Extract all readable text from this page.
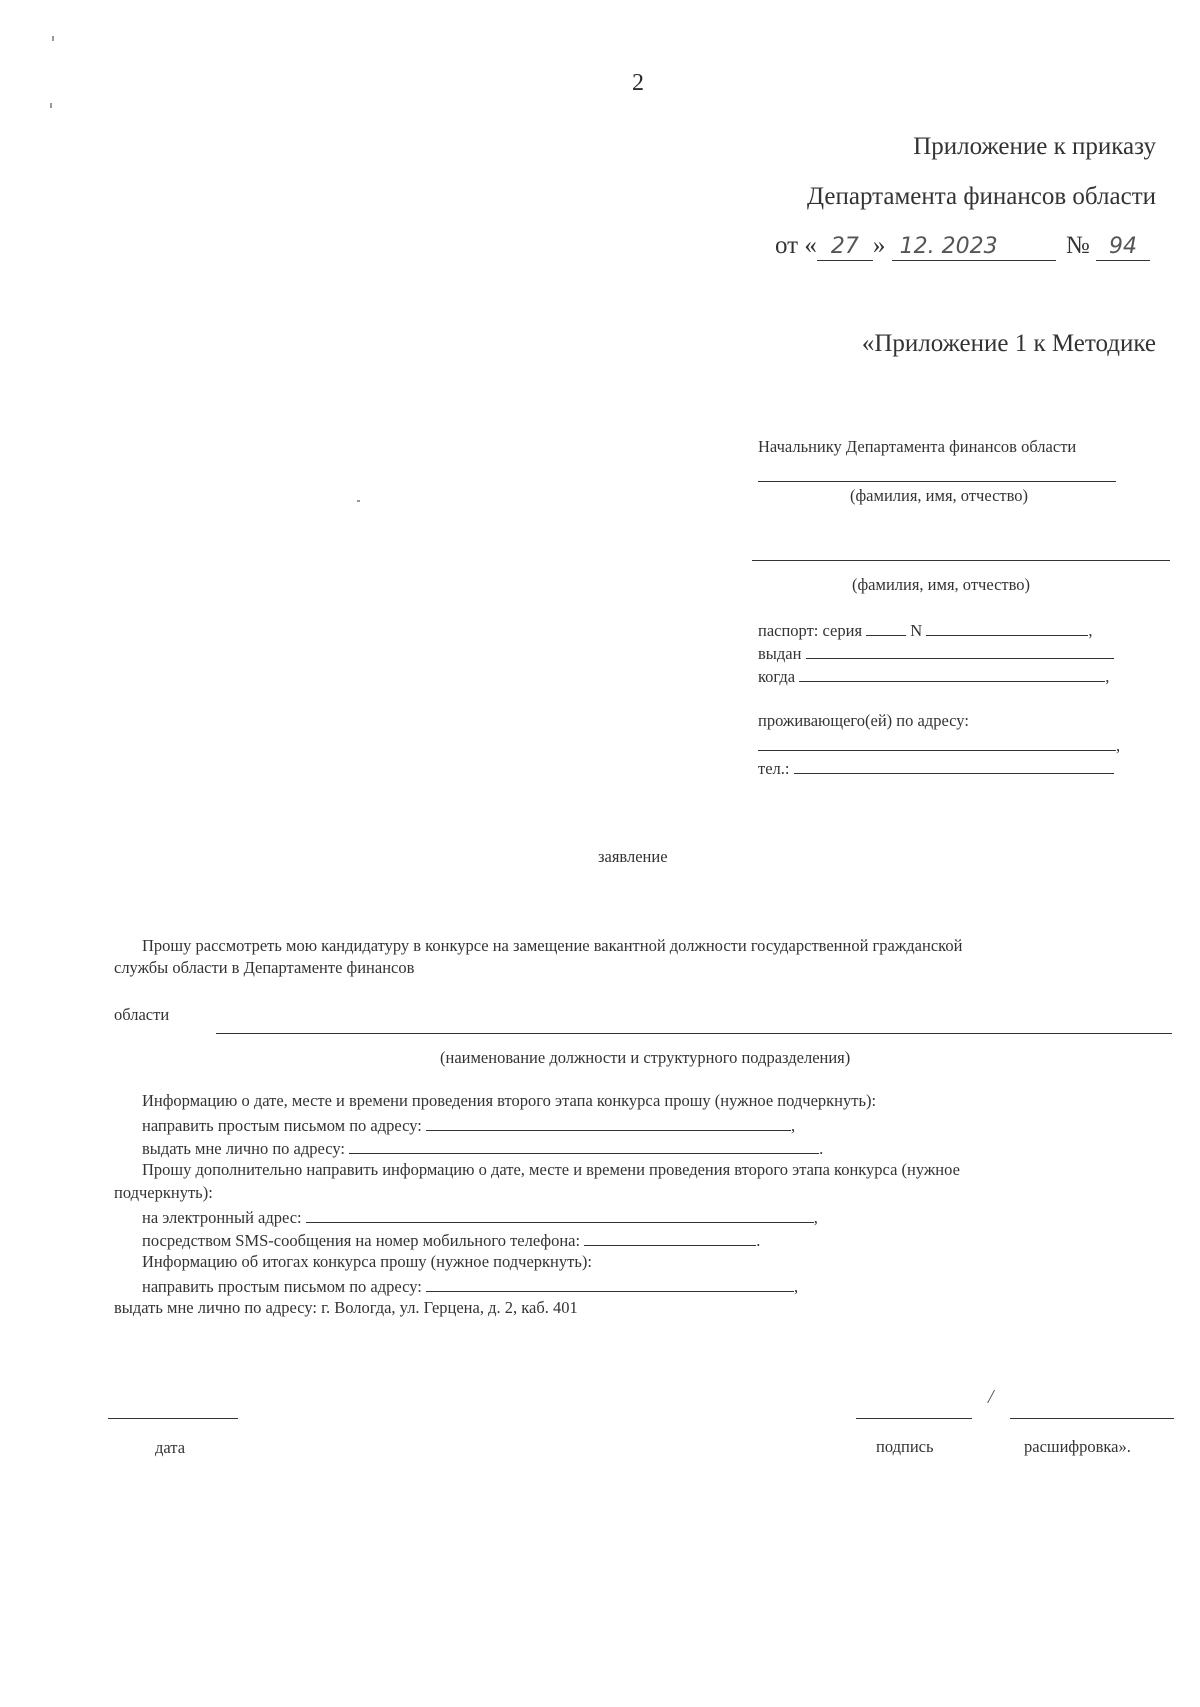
2
Приложение к приказу
Департамента финансов области
от « 27 » 12. 2023	№ 94
«Приложение 1 к Методике
Начальнику Департамента финансов области
(фамилия, имя, отчество)
(фамилия, имя, отчество)
паспорт: серия	N	,
выдан
когда	,
проживающего(ей) по адресу:
,
тел.:
заявление
Прошу рассмотреть мою кандидатуру в конкурсе на замещение вакантной должности государственной гражданской
службы области в Департаменте финансов
области
(наименование должности и структурного подразделения)
Информацию о дате, месте и времени проведения второго этапа конкурса прошу (нужное подчеркнуть):
направить простым письмом по адресу:	,
выдать мне лично по адресу:	.
Прошу дополнительно направить информацию о дате, месте и времени проведения второго этапа конкурса (нужное
подчеркнуть):
на электронный адрес:	,
посредством SMS-сообщения на номер мобильного телефона:	.
Информацию об итогах конкурса прошу (нужное подчеркнуть):
направить простым письмом по адресу:	,
выдать мне лично по адресу: г. Вологда, ул. Герцена, д. 2, каб. 401
дата
/
подпись	расшифровка».
